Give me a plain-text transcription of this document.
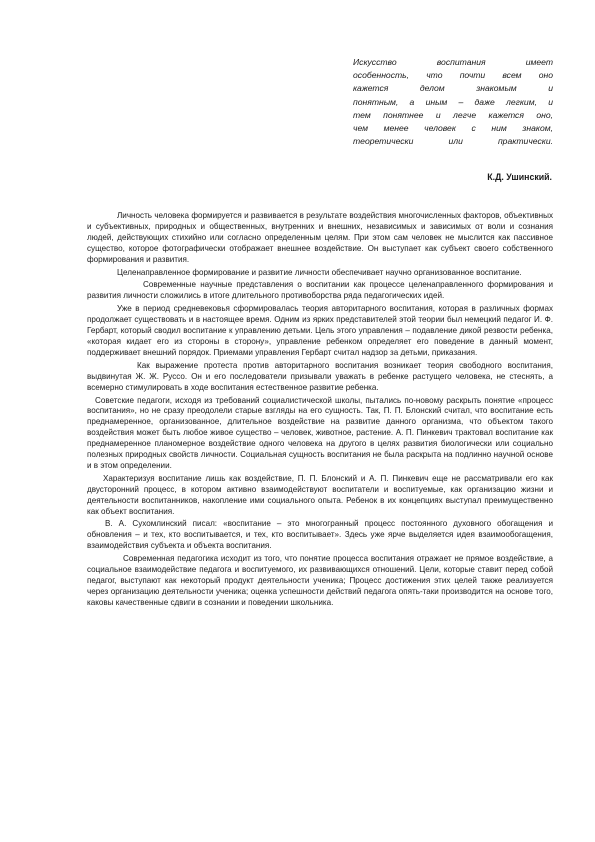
Искусство воспитания имеет
особенность, что почти всем оно
кажется делом знакомым и
понятным, а иным – даже легким, и
тем понятнее и легче кажется оно,
чем менее человек с ним знаком,
теоретически или практически.
К.Д. Ушинский.

Личность человека формируется и развивается в результате воздействия многочисленных факторов, объективных и субъективных, природных и общественных, внутренних и внешних, независимых и зависимых от воли и сознания людей, действующих стихийно или согласно определенным целям. При этом сам человек не мыслится как пассивное существо, которое фотографически отображает внешнее воздействие. Он выступает как субъект своего собственного формирования и развития.

Целенаправленное формирование и развитие личности обеспечивает научно организованное воспитание.

Современные научные представления о воспитании как процессе целенаправленного формирования и развития личности сложились в итоге длительного противоборства ряда педагогических идей.

Уже в период средневековья сформировалась теория авторитарного воспитания, которая в различных формах продолжает существовать и в настоящее время. Одним из ярких представителей этой теории был немецкий педагог И. Ф. Гербарт, который сводил воспитание к управлению детьми. Цель этого управления – подавление дикой резвости ребенка, «которая кидает его из стороны в сторону», управление ребенком определяет его поведение в данный момент, поддерживает внешний порядок. Приемами управления Гербарт считал надзор за детьми, приказания.

Как выражение протеста против авторитарного воспитания возникает теория свободного воспитания, выдвинутая Ж. Ж. Руссо. Он и его последователи призывали уважать в ребенке растущего человека, не стеснять, а всемерно стимулировать в ходе воспитания естественное развитие ребенка.

Советские педагоги, исходя из требований социалистической школы, пытались по-новому раскрыть понятие «процесс воспитания», но не сразу преодолели старые взгляды на его сущность. Так, П. П. Блонский считал, что воспитание есть преднамеренное, организованное, длительное воздействие на развитие данного организма, что объектом такого воздействия может быть любое живое существо – человек, животное, растение. А. П. Пинкевич трактовал воспитание как преднамеренное планомерное воздействие одного человека на другого в целях развития биологически или социально полезных природных свойств личности. Социальная сущность воспитания не была раскрыта на подлинно научной основе и в этом определении.

Характеризуя воспитание лишь как воздействие, П. П. Блонский и А. П. Пинкевич еще не рассматривали его как двусторонний процесс, в котором активно взаимодействуют воспитатели и воспитуемые, как организацию жизни и деятельности воспитанников, накопление ими социального опыта. Ребенок в их концепциях выступал преимущественно как объект воспитания.

В. А. Сухомлинский писал: «воспитание – это многогранный процесс постоянного духовного обогащения и обновления – и тех, кто воспитывается, и тех, кто воспитывает». Здесь уже ярче выделяется идея взаимообогащения, взаимодействия субъекта и объекта воспитания.

Современная педагогика исходит из того, что понятие процесса воспитания отражает не прямое воздействие, а социальное взаимодействие педагога и воспитуемого, их развивающихся отношений. Цели, которые ставит перед собой педагог, выступают как некоторый продукт деятельности ученика; Процесс достижения этих целей также реализуется через организацию деятельности ученика; оценка успешности действий педагога опять-таки производится на основе того, каковы качественные сдвиги в сознании и поведении школьника.
